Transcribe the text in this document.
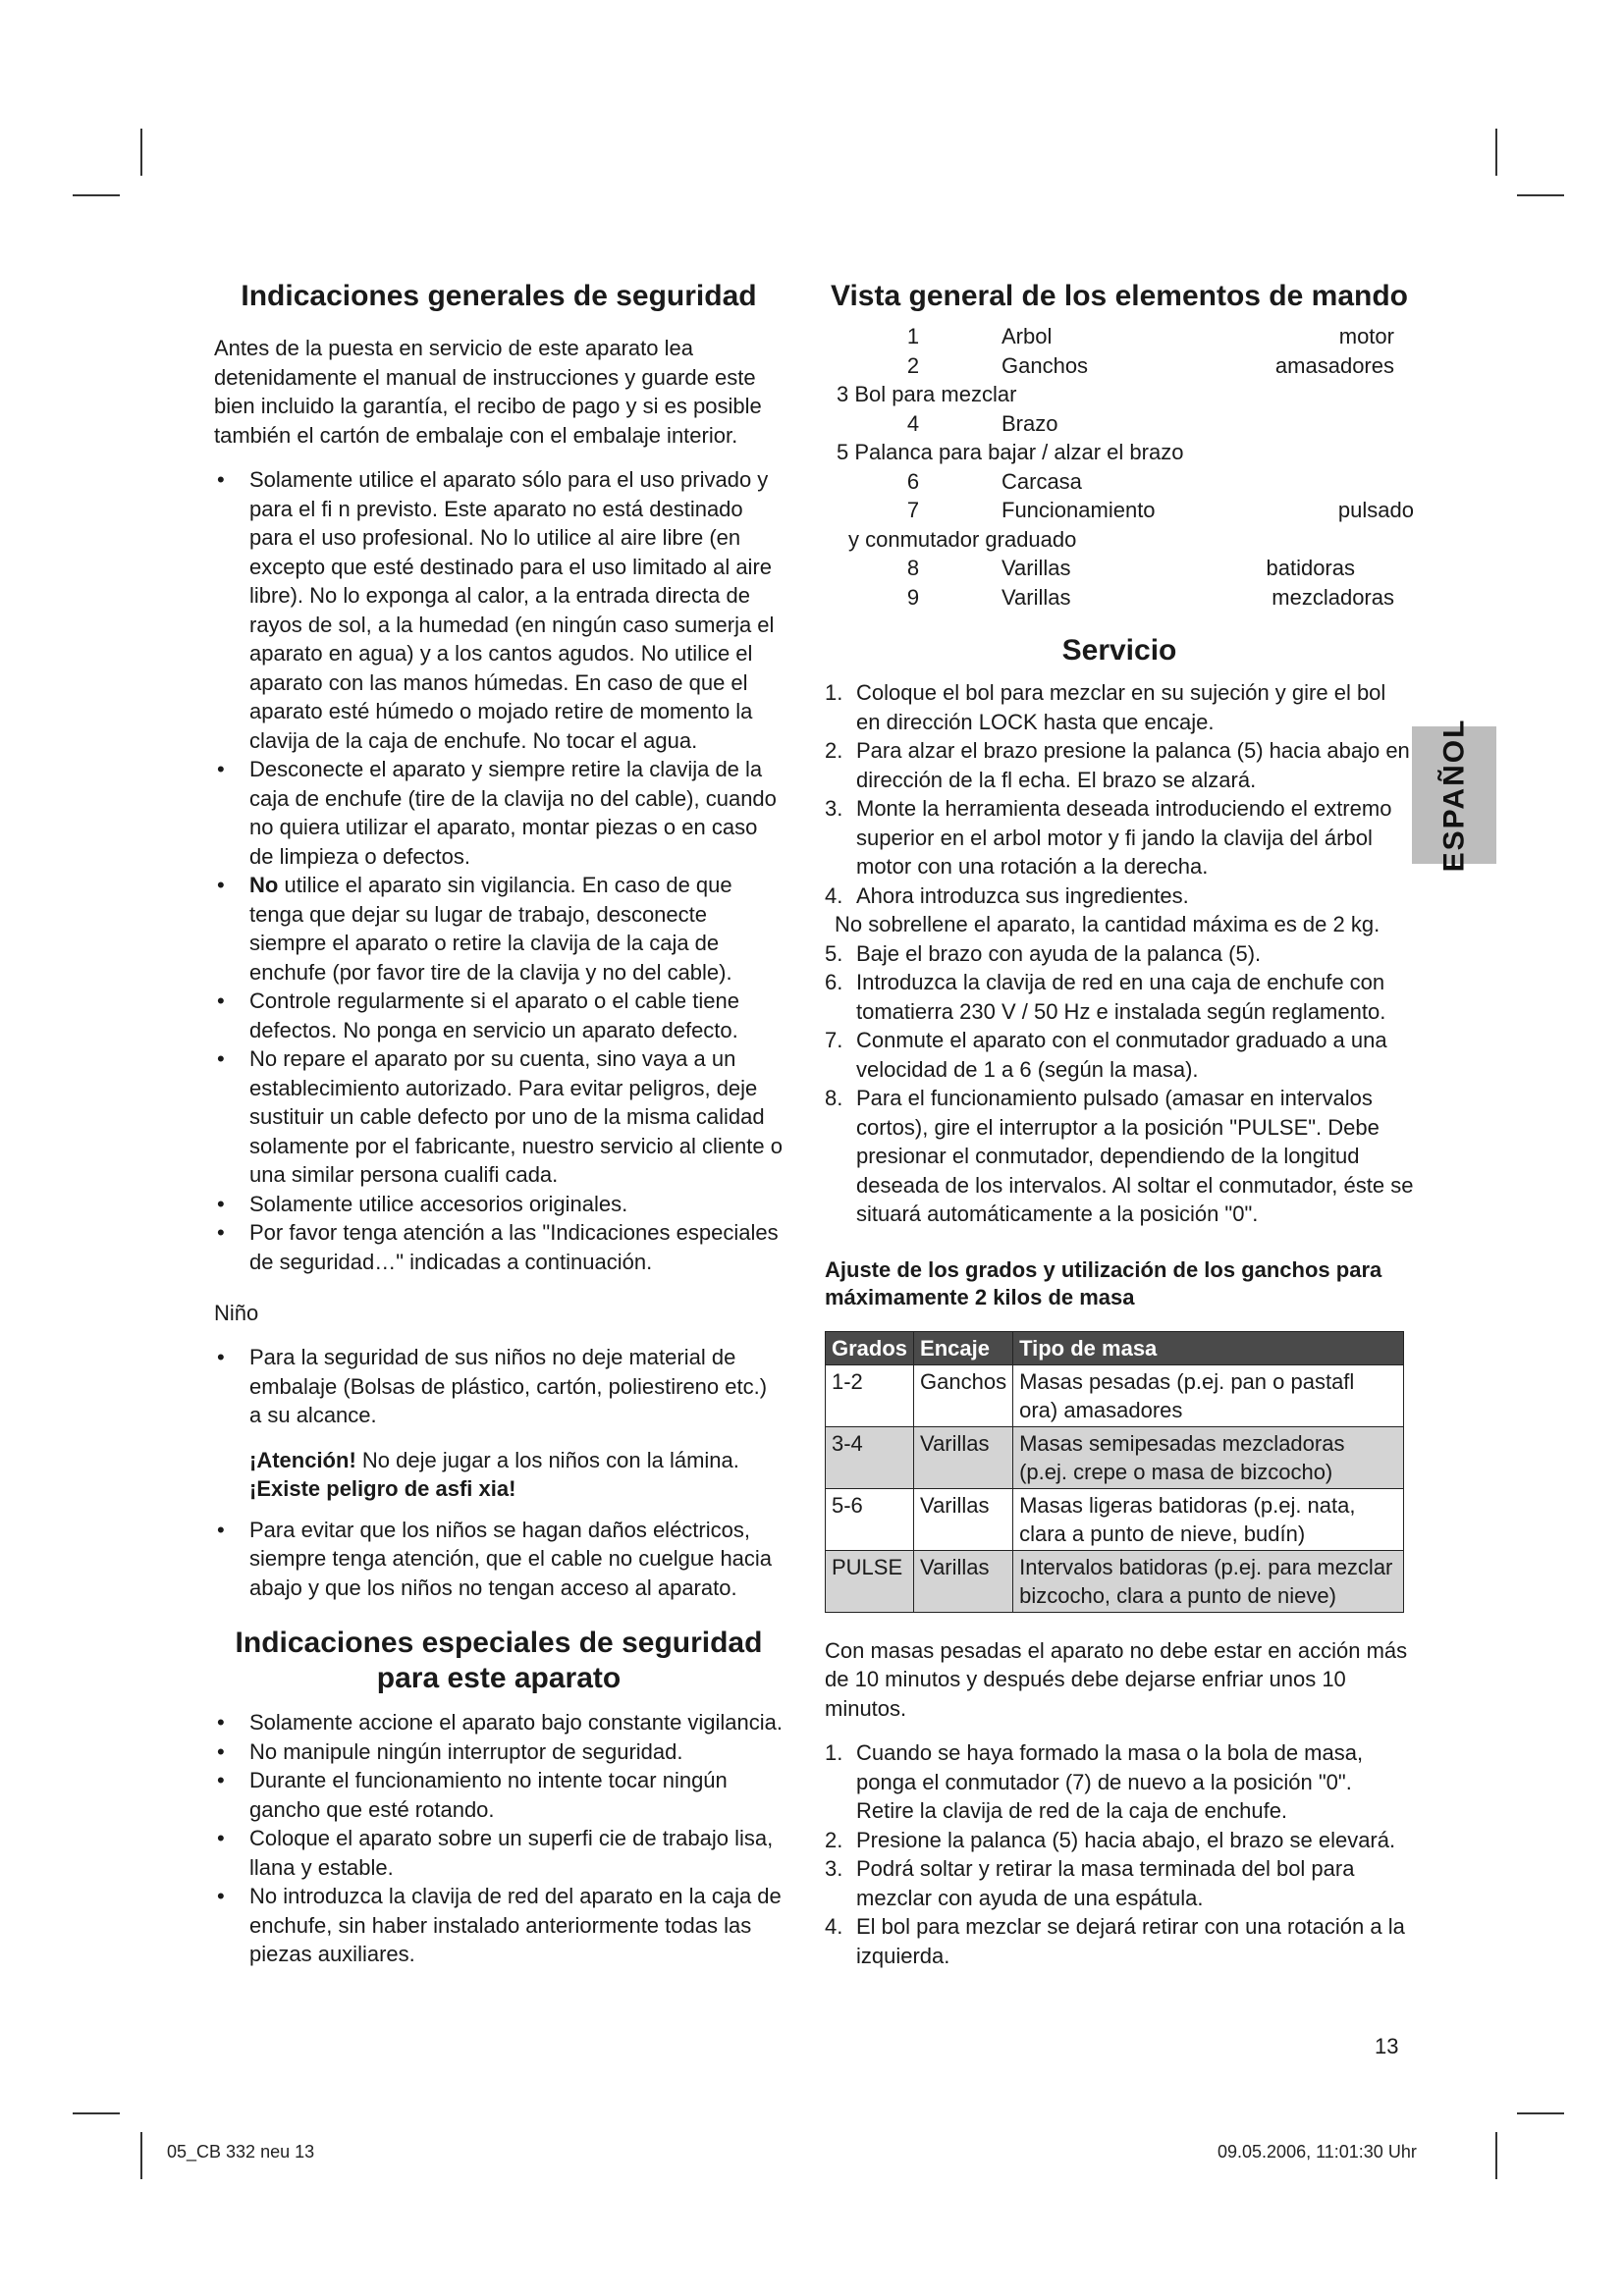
Indicaciones generales de seguridad

Antes de la puesta en servicio de este aparato lea detenidamente el manual de instrucciones y guarde este bien incluido la garantía, el recibo de pago y si es posible también el cartón de embalaje con el embalaje interior.

• Solamente utilice el aparato sólo para el uso privado y para el fi n previsto. Este aparato no está destinado para el uso profesional. No lo utilice al aire libre (en excepto que esté destinado para el uso limitado al aire libre). No lo exponga al calor, a la entrada directa de rayos de sol, a la humedad (en ningún caso sumerja el aparato en agua) y a los cantos agudos. No utilice el aparato con las manos húmedas. En caso de que el aparato esté húmedo o mojado retire de momento la clavija de la caja de enchufe. No tocar el agua.
• Desconecte el aparato y siempre retire la clavija de la caja de enchufe (tire de la clavija no del cable), cuando no quiera utilizar el aparato, montar piezas o en caso de limpieza o defectos.
• No utilice el aparato sin vigilancia. En caso de que tenga que dejar su lugar de trabajo, desconecte siempre el aparato o retire la clavija de la caja de enchufe (por favor tire de la clavija y no del cable).
• Controle regularmente si el aparato o el cable tiene defectos. No ponga en servicio un aparato defecto.
• No repare el aparato por su cuenta, sino vaya a un establecimiento autorizado. Para evitar peligros, deje sustituir un cable defecto por uno de la misma calidad solamente por el fabricante, nuestro servicio al cliente o una similar persona cualifi cada.
• Solamente utilice accesorios originales.
• Por favor tenga atención a las "Indicaciones especiales de seguridad…" indicadas a continuación.
Niño
• Para la seguridad de sus niños no deje material de embalaje (Bolsas de plástico, cartón, poliestireno etc.) a su alcance.

¡Atención! No deje jugar a los niños con la lámina. ¡Existe peligro de asfi xia!

• Para evitar que los niños se hagan daños eléctricos, siempre tenga atención, que el cable no cuelgue hacia abajo y que los niños no tengan acceso al aparato.
Indicaciones especiales de seguridad
para este aparato
• Solamente accione el aparato bajo constante vigilancia.
• No manipule ningún interruptor de seguridad.
• Durante el funcionamiento no intente tocar ningún gancho que esté rotando.
• Coloque el aparato sobre un superfi cie de trabajo lisa, llana y estable.
• No introduzca la clavija de red del aparato en la caja de enchufe, sin haber instalado anteriormente todas las piezas auxiliares.
Vista general de los elementos de mando
1	Arbol	motor
2	Ganchos	amasadores
3 Bol para mezclar		
4	Brazo	
5 Palanca para bajar / alzar el brazo		
6	Carcasa	
7	Funcionamiento	pulsado
y conmutador graduado		
8	Varillas	batidoras
9	Varillas	mezcladoras
Servicio
1. Coloque el bol para mezclar en su sujeción y gire el bol en dirección LOCK hasta que encaje.
2. Para alzar el brazo presione la palanca (5) hacia abajo en dirección de la fl echa. El brazo se alzará.
3. Monte la herramienta deseada introduciendo el extremo superior en el arbol motor y fi jando la clavija del árbol motor con una rotación a la derecha.
4. Ahora introduzca sus ingredientes.
No sobrellene el aparato, la cantidad máxima es de 2 kg.
5. Baje el brazo con ayuda de la palanca (5).
6. Introduzca la clavija de red en una caja de enchufe con tomatierra 230 V / 50 Hz e instalada según reglamento.
7. Conmute el aparato con el conmutador graduado a una velocidad de 1 a 6 (según la masa).
8. Para el funcionamiento pulsado (amasar en intervalos cortos), gire el interruptor a la posición "PULSE". Debe presionar el conmutador, dependiendo de la longitud deseada de los intervalos. Al soltar el conmutador, éste se situará automáticamente a la posición "0".
Ajuste de los grados y utilización de los ganchos para máximamente 2 kilos de masa
Grados	Encaje	Tipo de masa
1-2	Ganchos	Masas pesadas (p.ej. pan o pastafl ora) amasadores
3-4	Varillas	Masas semipesadas mezcladoras (p.ej. crepe o masa de bizcocho)
5-6	Varillas	Masas ligeras batidoras (p.ej. nata, clara a punto de nieve, budín)
PULSE	Varillas	Intervalos batidoras (p.ej. para mezclar bizcocho, clara a punto de nieve)

Con masas pesadas el aparato no debe estar en acción más de 10 minutos y después debe dejarse enfriar unos 10 minutos.

1. Cuando se haya formado la masa o la bola de masa, ponga el conmutador (7) de nuevo a la posición "0". Retire la clavija de red de la caja de enchufe.
2. Presione la palanca (5) hacia abajo, el brazo se elevará.
3. Podrá soltar y retirar la masa terminada del bol para mezclar con ayuda de una espátula.
4. El bol para mezclar se dejará retirar con una rotación a la izquierda.
ESPAÑOL
13
05_CB 332 neu 13	09.05.2006, 11:01:30 Uhr
